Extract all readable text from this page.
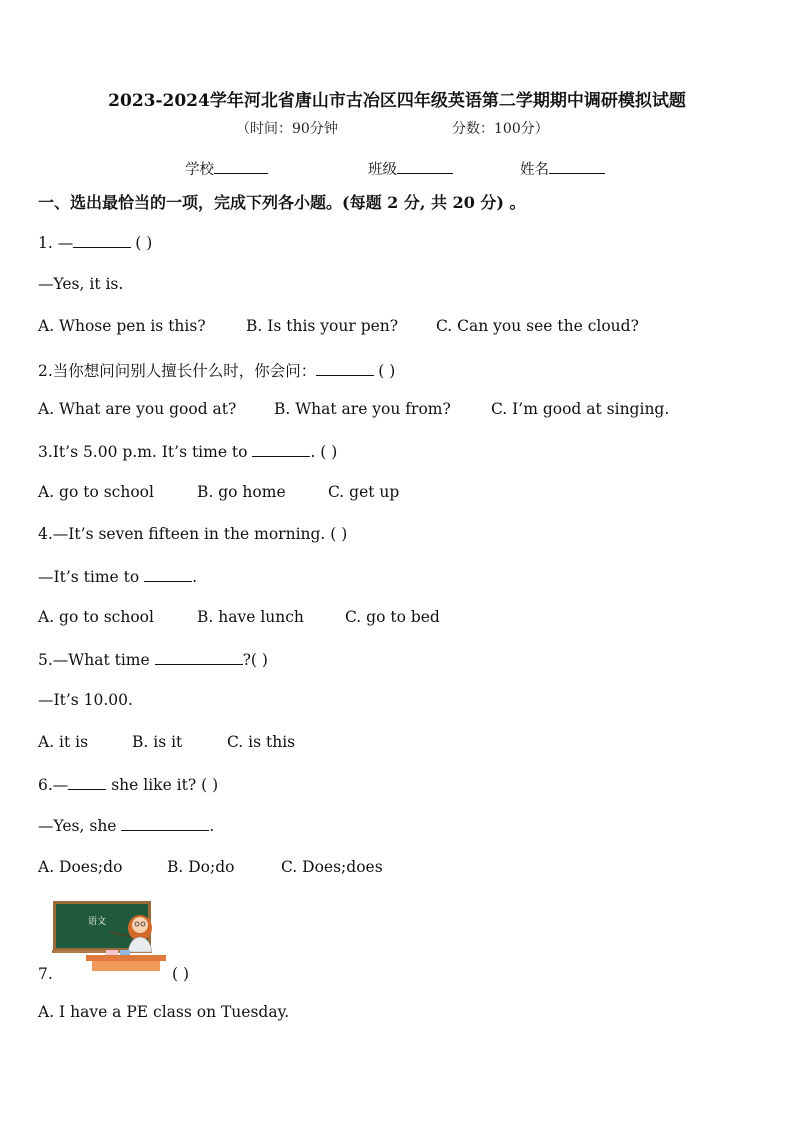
2023-2024学年河北省唐山市古冶区四年级英语第二学期期中调研模拟试题
（时间：90分钟	分数：100分）
学校	班级	姓名
一、选出最恰当的一项，完成下列各小题。(每题 2 分, 共 20 分) 。
1. —	( )
—Yes, it is.
A. Whose pen is this?	B. Is this your pen? C. Can you see the cloud?
2.当你想问问别人擅长什么时，你会问：	( )
A. What are you good at? B. What are you from?	C. I’m good at singing.
3.It’s 5.00 p.m. It’s time to	. ( )
A. go to school	B. go home	C. get up
4.—It’s seven fifteen in the morning. ( )
—It’s time to	.
A. go to school	B. have lunch	C. go to bed
5.—What time	?( )
—It’s 10.00.
A. it is	B. is it	C. is this
6.— she like it? ( )
—Yes, she	.
A. Does;do	B. Do;do	C. Does;does
语文
7.	( )
A. I have a PE class on Tuesday.
